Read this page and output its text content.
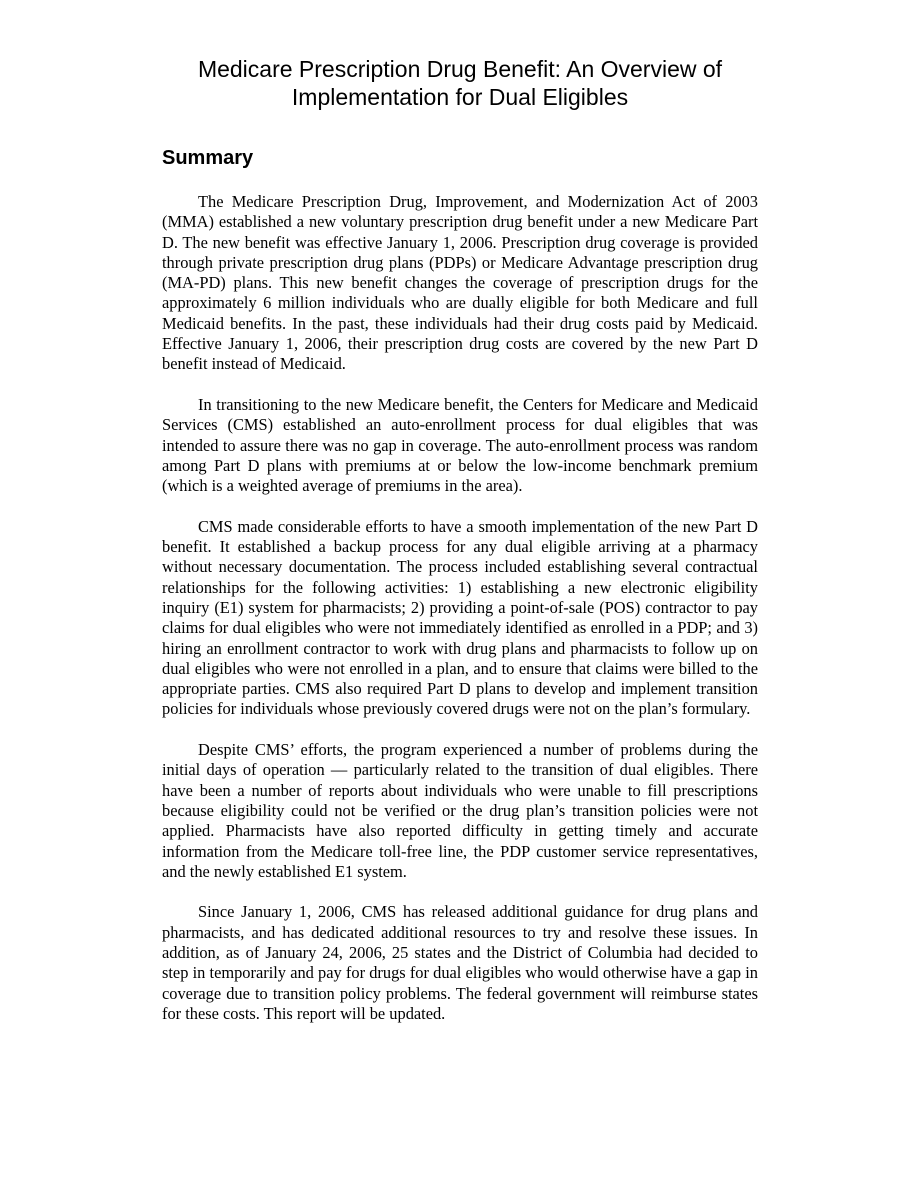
Medicare Prescription Drug Benefit: An Overview of
Implementation for Dual Eligibles
Summary

The Medicare Prescription Drug, Improvement, and Modernization Act of 2003 (MMA) established a new voluntary prescription drug benefit under a new Medicare Part D. The new benefit was effective January 1, 2006. Prescription drug coverage is provided through private prescription drug plans (PDPs) or Medicare Advantage prescription drug (MA-PD) plans. This new benefit changes the coverage of prescription drugs for the approximately 6 million individuals who are dually eligible for both Medicare and full Medicaid benefits. In the past, these individuals had their drug costs paid by Medicaid. Effective January 1, 2006, their prescription drug costs are covered by the new Part D benefit instead of Medicaid.

In transitioning to the new Medicare benefit, the Centers for Medicare and Medicaid Services (CMS) established an auto-enrollment process for dual eligibles that was intended to assure there was no gap in coverage. The auto-enrollment process was random among Part D plans with premiums at or below the low-income benchmark premium (which is a weighted average of premiums in the area).

CMS made considerable efforts to have a smooth implementation of the new Part D benefit. It established a backup process for any dual eligible arriving at a pharmacy without necessary documentation. The process included establishing several contractual relationships for the following activities: 1) establishing a new electronic eligibility inquiry (E1) system for pharmacists; 2) providing a point-of-sale (POS) contractor to pay claims for dual eligibles who were not immediately identified as enrolled in a PDP; and 3) hiring an enrollment contractor to work with drug plans and pharmacists to follow up on dual eligibles who were not enrolled in a plan, and to ensure that claims were billed to the appropriate parties. CMS also required Part D plans to develop and implement transition policies for individuals whose previously covered drugs were not on the plan’s formulary.

Despite CMS’ efforts, the program experienced a number of problems during the initial days of operation — particularly related to the transition of dual eligibles. There have been a number of reports about individuals who were unable to fill prescriptions because eligibility could not be verified or the drug plan’s transition policies were not applied. Pharmacists have also reported difficulty in getting timely and accurate information from the Medicare toll-free line, the PDP customer service representatives, and the newly established E1 system.

Since January 1, 2006, CMS has released additional guidance for drug plans and pharmacists, and has dedicated additional resources to try and resolve these issues. In addition, as of January 24, 2006, 25 states and the District of Columbia had decided to step in temporarily and pay for drugs for dual eligibles who would otherwise have a gap in coverage due to transition policy problems. The federal government will reimburse states for these costs. This report will be updated.
